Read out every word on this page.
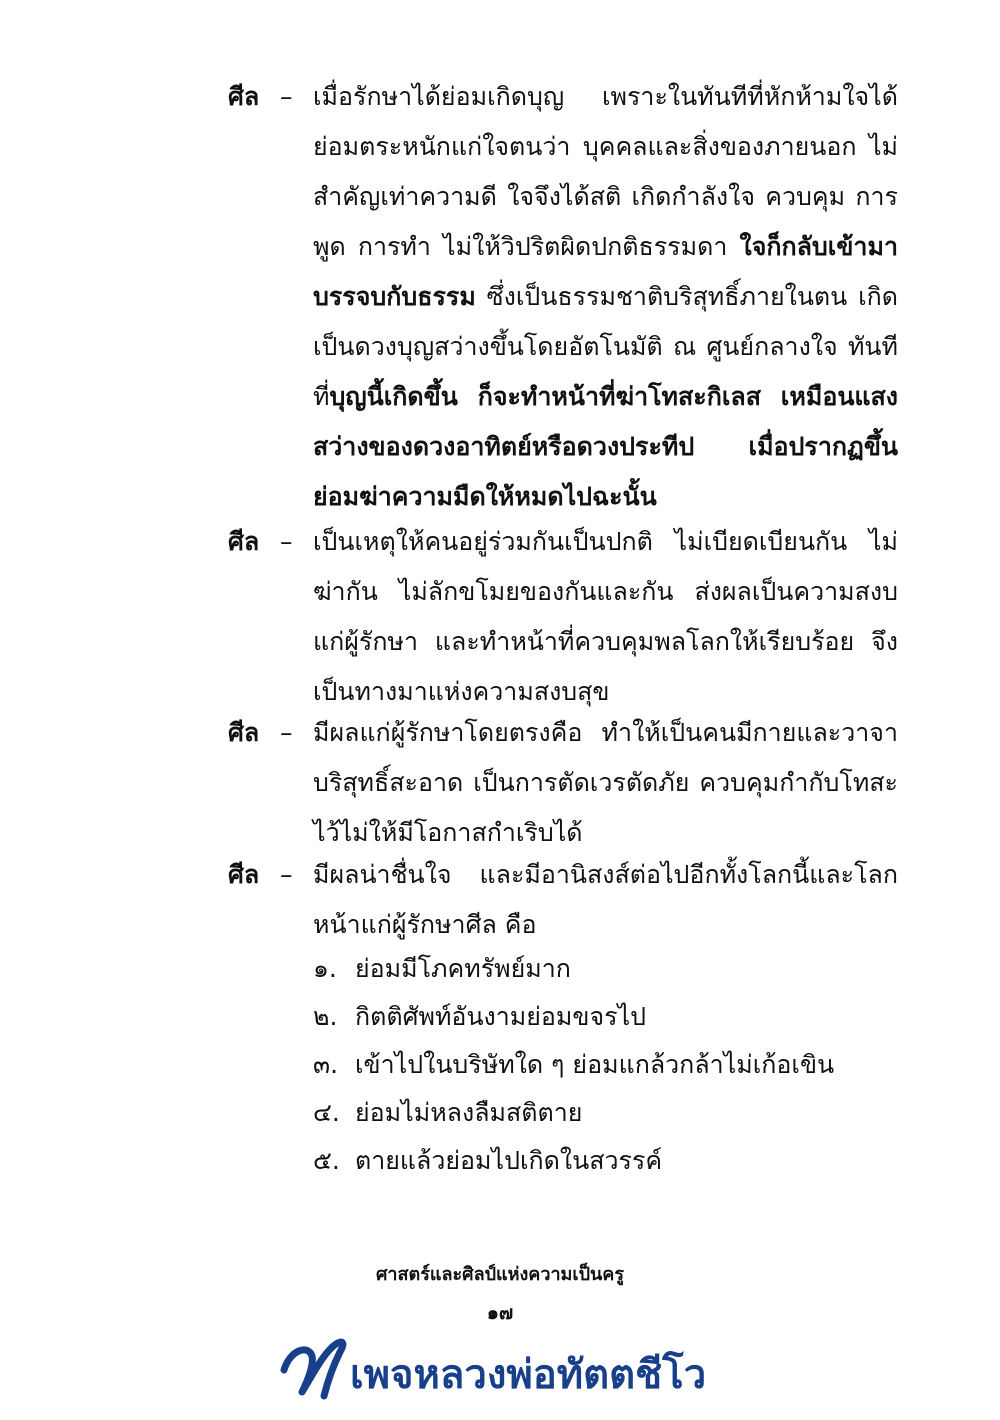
ศีล – เมื่อรักษาได้ย่อมเกิดบุญ เพราะในทันทีที่หักห้ามใจได้ ย่อมตระหนักแก่ใจตนว่า บุคคลและสิ่งของภายนอก ไม่สำคัญเท่าความดี ใจจึงได้สติ เกิดกำลังใจ ควบคุม การพูด การทำ ไม่ให้วิปริตผิดปกติธรรมดา ใจก็กลับเข้ามาบรรจบกับธรรม ซึ่งเป็นธรรมชาติบริสุทธิ์ภายในตน เกิดเป็นดวงบุญสว่างขึ้นโดยอัตโนมัติ ณ ศูนย์กลางใจ ทันทีที่บุญนี้เกิดขึ้น ก็จะทำหน้าที่ฆ่าโทสะกิเลส เหมือนแสงสว่างของดวงอาทิตย์หรือดวงประทีป เมื่อปรากฏขึ้นย่อมฆ่าความมืดให้หมดไปฉะนั้น
ศีล – เป็นเหตุให้คนอยู่ร่วมกันเป็นปกติ ไม่เบียดเบียนกัน ไม่ฆ่ากัน ไม่ลักขโมยของกันและกัน ส่งผลเป็นความสงบแก่ผู้รักษา และทำหน้าที่ควบคุมพลโลกให้เรียบร้อย จึงเป็นทางมาแห่งความสงบสุข
ศีล – มีผลแก่ผู้รักษาโดยตรงคือ ทำให้เป็นคนมีกายและวาจาบริสุทธิ์สะอาด เป็นการตัดเวรตัดภัย ควบคุมกำกับโทสะไว้ไม่ให้มีโอกาสกำเริบได้
ศีล – มีผลน่าชื่นใจ และมีอานิสงส์ต่อไปอีกทั้งโลกนี้และโลกหน้าแก่ผู้รักษาศีล คือ
๑. ย่อมมีโภคทรัพย์มาก
๒. กิตติศัพท์อันงามย่อมขจรไป
๓. เข้าไปในบริษัทใด ๆ ย่อมแกล้วกล้าไม่เก้อเขิน
๔. ย่อมไม่หลงลืมสติตาย
๕. ตายแล้วย่อมไปเกิดในสวรรค์
ศาสตร์และศิลป์แห่งความเป็นครู
๑๗
เพจหลวงพ่อทัตตชีโว
